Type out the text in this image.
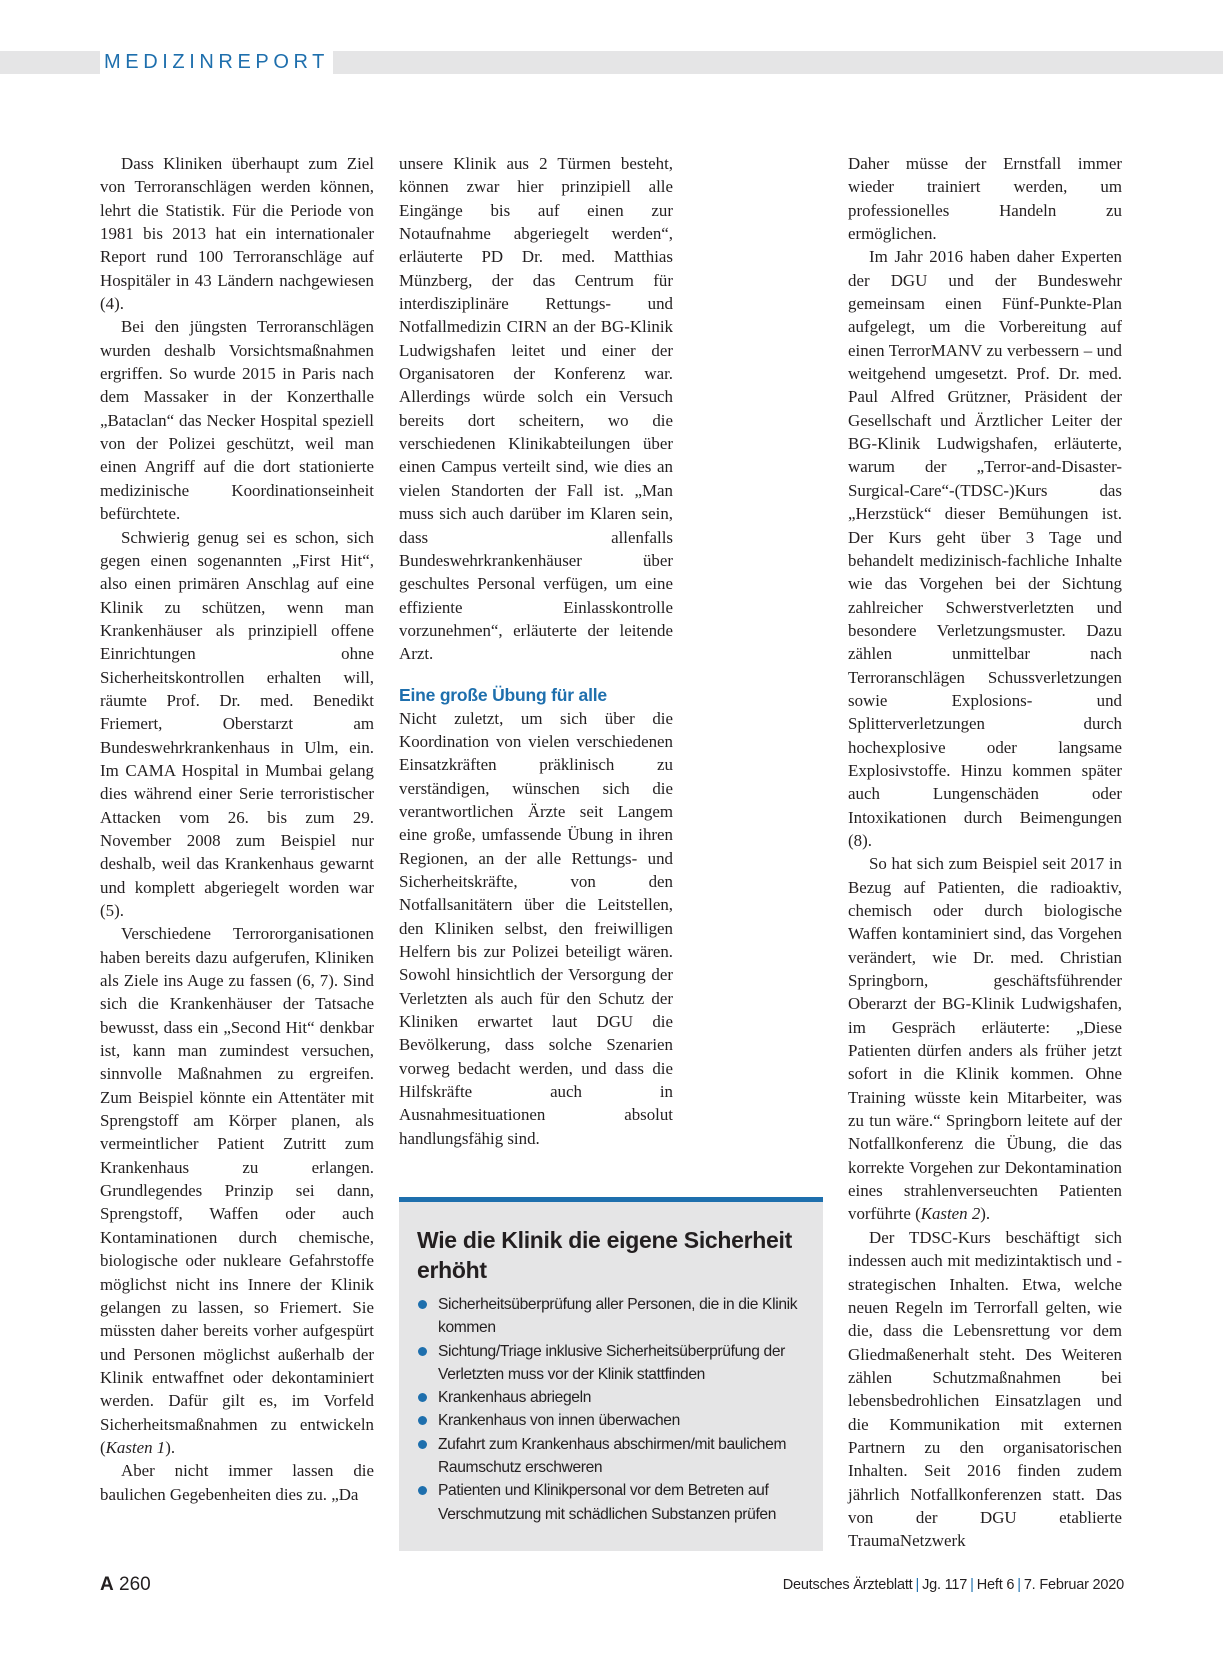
MEDIZINREPORT

Dass Kliniken überhaupt zum Ziel von Terroranschlägen werden können, lehrt die Statistik. Für die Periode von 1981 bis 2013 hat ein internationaler Report rund 100 Terroranschläge auf Hospitäler in 43 Ländern nachgewiesen (4).

Bei den jüngsten Terroranschlägen wurden deshalb Vorsichtsmaßnahmen ergriffen. So wurde 2015 in Paris nach dem Massaker in der Konzerthalle „Bataclan“ das Necker Hospital speziell von der Polizei geschützt, weil man einen Angriff auf die dort stationierte medizinische Koordinationseinheit befürchtete.

Schwierig genug sei es schon, sich gegen einen sogenannten „First Hit“, also einen primären Anschlag auf eine Klinik zu schützen, wenn man Krankenhäuser als prinzipiell offene Einrichtungen ohne Sicherheitskontrollen erhalten will, räumte Prof. Dr. med. Benedikt Friemert, Oberstarzt am Bundeswehrkrankenhaus in Ulm, ein. Im CAMA Hospital in Mumbai gelang dies während einer Serie terroristischer Attacken vom 26. bis zum 29. November 2008 zum Beispiel nur deshalb, weil das Krankenhaus gewarnt und komplett abgeriegelt worden war (5).

Verschiedene Terrororganisationen haben bereits dazu aufgerufen, Kliniken als Ziele ins Auge zu fassen (6, 7). Sind sich die Krankenhäuser der Tatsache bewusst, dass ein „Second Hit“ denkbar ist, kann man zumindest versuchen, sinnvolle Maßnahmen zu ergreifen. Zum Beispiel könnte ein Attentäter mit Sprengstoff am Körper planen, als vermeintlicher Patient Zutritt zum Krankenhaus zu erlangen. Grundlegendes Prinzip sei dann, Sprengstoff, Waffen oder auch Kontaminationen durch chemische, biologische oder nukleare Gefahrstoffe möglichst nicht ins Innere der Klinik gelangen zu lassen, so Friemert. Sie müssten daher bereits vorher aufgespürt und Personen möglichst außerhalb der Klinik entwaffnet oder dekontaminiert werden. Dafür gilt es, im Vorfeld Sicherheitsmaßnahmen zu entwickeln (Kasten 1).

Aber nicht immer lassen die baulichen Gegebenheiten dies zu. „Da

unsere Klinik aus 2 Türmen besteht, können zwar hier prinzipiell alle Eingänge bis auf einen zur Notaufnahme abgeriegelt werden“, erläuterte PD Dr. med. Matthias Münzberg, der das Centrum für interdisziplinäre Rettungs- und Notfallmedizin CIRN an der BG-Klinik Ludwigshafen leitet und einer der Organisatoren der Konferenz war. Allerdings würde solch ein Versuch bereits dort scheitern, wo die verschiedenen Klinikabteilungen über einen Campus verteilt sind, wie dies an vielen Standorten der Fall ist. „Man muss sich auch darüber im Klaren sein, dass allenfalls Bundeswehrkrankenhäuser über geschultes Personal verfügen, um eine effiziente Einlasskontrolle vorzunehmen“, erläuterte der leitende Arzt.

Eine große Übung für alle

Nicht zuletzt, um sich über die Koordination von vielen verschiedenen Einsatzkräften präklinisch zu verständigen, wünschen sich die verantwortlichen Ärzte seit Langem eine große, umfassende Übung in ihren Regionen, an der alle Rettungs- und Sicherheitskräfte, von den Notfallsanitätern über die Leitstellen, den Kliniken selbst, den freiwilligen Helfern bis zur Polizei beteiligt wären. Sowohl hinsichtlich der Versorgung der Verletzten als auch für den Schutz der Kliniken erwartet laut DGU die Bevölkerung, dass solche Szenarien vorweg bedacht werden, und dass die Hilfskräfte auch in Ausnahmesituationen absolut handlungsfähig sind.

Wie die Klinik die eigene Sicherheit erhöht
Sicherheitsüberprüfung aller Personen, die in die Klinik kommen
Sichtung/Triage inklusive Sicherheitsüberprüfung der Verletzten muss vor der Klinik stattfinden
Krankenhaus abriegeln
Krankenhaus von innen überwachen
Zufahrt zum Krankenhaus abschirmen/mit baulichem Raumschutz erschweren
Patienten und Klinikpersonal vor dem Betreten auf Verschmutzung mit schädlichen Substanzen prüfen

Daher müsse der Ernstfall immer wieder trainiert werden, um professionelles Handeln zu ermöglichen.

Im Jahr 2016 haben daher Experten der DGU und der Bundeswehr gemeinsam einen Fünf-Punkte-Plan aufgelegt, um die Vorbereitung auf einen TerrorMANV zu verbessern – und weitgehend umgesetzt. Prof. Dr. med. Paul Alfred Grützner, Präsident der Gesellschaft und Ärztlicher Leiter der BG-Klinik Ludwigshafen, erläuterte, warum der „Terror-and-Disaster-Surgical-Care“-(TDSC-)Kurs das „Herzstück“ dieser Bemühungen ist. Der Kurs geht über 3 Tage und behandelt medizinisch-fachliche Inhalte wie das Vorgehen bei der Sichtung zahlreicher Schwerstverletzten und besondere Verletzungsmuster. Dazu zählen unmittelbar nach Terroranschlägen Schussverletzungen sowie Explosions- und Splitterverletzungen durch hochexplosive oder langsame Explosivstoffe. Hinzu kommen später auch Lungenschäden oder Intoxikationen durch Beimengungen (8).

So hat sich zum Beispiel seit 2017 in Bezug auf Patienten, die radioaktiv, chemisch oder durch biologische Waffen kontaminiert sind, das Vorgehen verändert, wie Dr. med. Christian Springborn, geschäftsführender Oberarzt der BG-Klinik Ludwigshafen, im Gespräch erläuterte: „Diese Patienten dürfen anders als früher jetzt sofort in die Klinik kommen. Ohne Training wüsste kein Mitarbeiter, was zu tun wäre.“ Springborn leitete auf der Notfallkonferenz die Übung, die das korrekte Vorgehen zur Dekontamination eines strahlenverseuchten Patienten vorführte (Kasten 2).

Der TDSC-Kurs beschäftigt sich indessen auch mit medizintaktisch und -strategischen Inhalten. Etwa, welche neuen Regeln im Terrorfall gelten, wie die, dass die Lebensrettung vor dem Gliedmaßenerhalt steht. Des Weiteren zählen Schutzmaßnahmen bei lebensbedrohlichen Einsatzlagen und die Kommunikation mit externen Partnern zu den organisatorischen Inhalten. Seit 2016 finden zudem jährlich Notfallkonferenzen statt. Das von der DGU etablierte TraumaNetzwerk

A 260	Deutsches Ärzteblatt | Jg. 117 | Heft 6 | 7. Februar 2020
